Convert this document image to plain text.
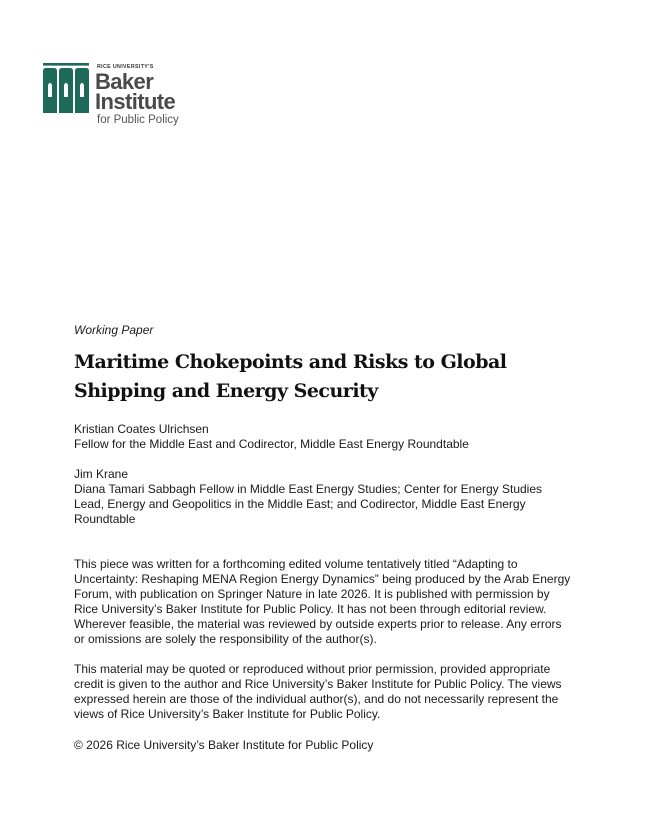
RICE UNIVERSITY'S
Baker
Institute
for Public Policy

Working Paper

Maritime Chokepoints and Risks to Global Shipping and Energy Security
Kristian Coates Ulrichsen
Fellow for the Middle East and Codirector, Middle East Energy Roundtable
Jim Krane
Diana Tamari Sabbagh Fellow in Middle East Energy Studies; Center for Energy Studies Lead, Energy and Geopolitics in the Middle East; and Codirector, Middle East Energy Roundtable

This piece was written for a forthcoming edited volume tentatively titled “Adapting to Uncertainty: Reshaping MENA Region Energy Dynamics” being produced by the Arab Energy Forum, with publication on Springer Nature in late 2026. It is published with permission by Rice University’s Baker Institute for Public Policy. It has not been through editorial review. Wherever feasible, the material was reviewed by outside experts prior to release. Any errors or omissions are solely the responsibility of the author(s).

This material may be quoted or reproduced without prior permission, provided appropriate credit is given to the author and Rice University’s Baker Institute for Public Policy. The views expressed herein are those of the individual author(s), and do not necessarily represent the views of Rice University’s Baker Institute for Public Policy.

© 2026 Rice University’s Baker Institute for Public Policy
